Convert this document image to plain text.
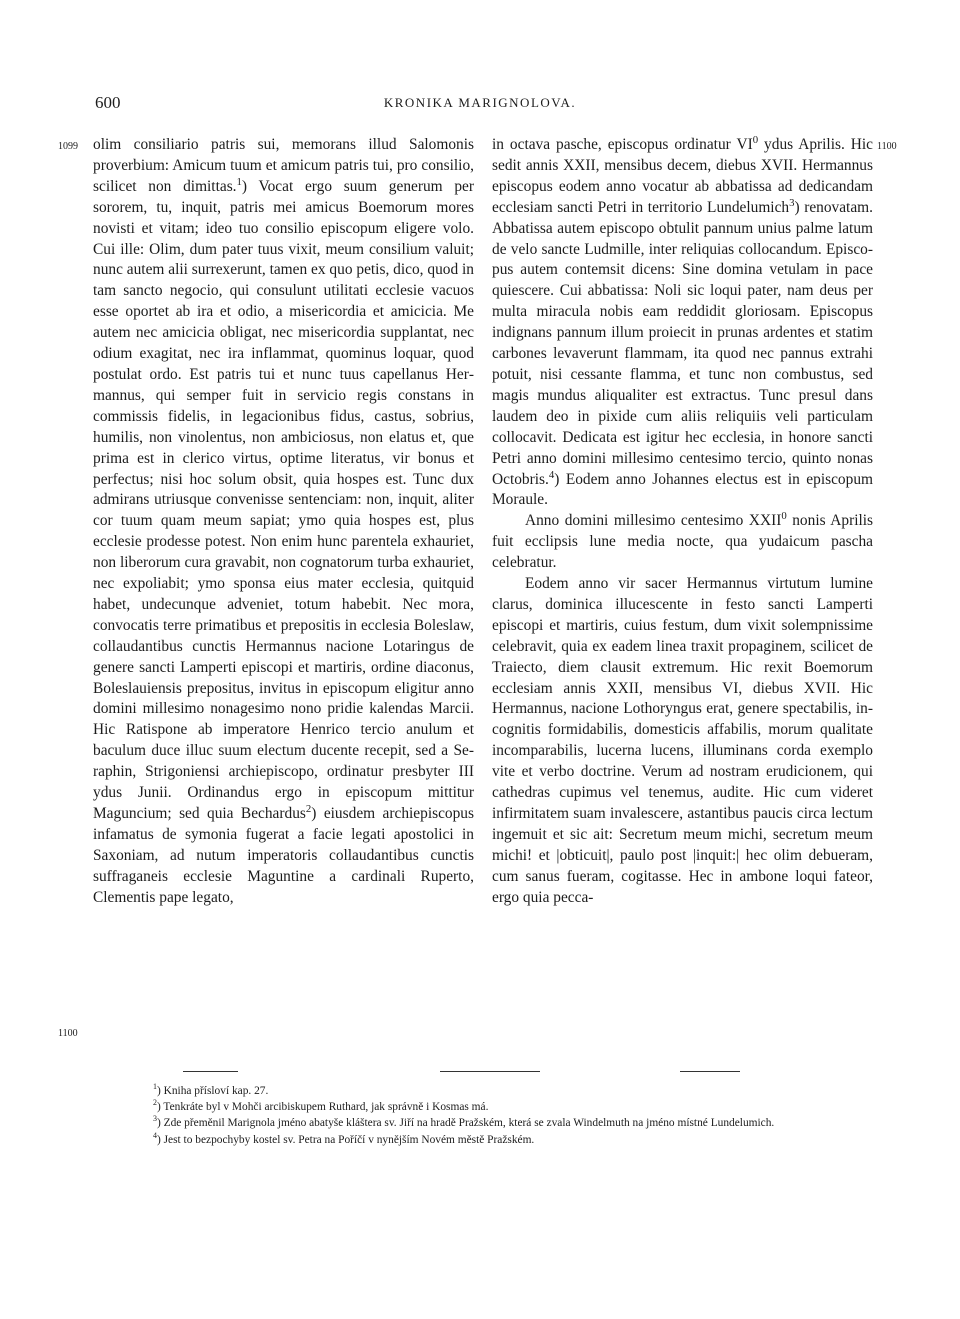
600	KRONIKA MARIGNOLOVA.
1099
1100
1100

olim consiliario patris sui, memorans illud Salomonis proverbium: Amicum tuum et amicum patris tui, pro consilio, scilicet non dimittas.$^1$) Vocat ergo suum generum per sororem, tu, inquit, patris mei amicus Boemorum mores novisti et vitam; ideo tuo consilio episcopum eligere volo. Cui ille: Olim, dum pater tuus vixit, meum consilium valuit; nunc autem alii surrexerunt, tamen ex quo petis, dico, quod in tam sancto negocio, qui consulunt utilitati ecclesie vacuos esse oportet ab ira et odio, a misericordia et amicicia. Me autem nec amicicia obligat, nec misericordia supplantat, nec odium exagitat, nec ira inflammat, quominus loquar, quod postulat ordo. Est patris tui et nunc tuus capellanus Hermannus, qui semper fuit in servicio regis constans in commissis fidelis, in legacionibus fidus, castus, sobrius, humilis, non vinolentus, non ambiciosus, non elatus et, que prima est in clerico virtus, optime literatus, vir bonus et perfectus; nisi hoc solum obsit, quia hospes est. Tunc dux admirans utriusque convenisse sentenciam: non, inquit, aliter cor tuum quam meum sapiat; ymo quia hospes est, plus ecclesie prodesse potest. Non enim hunc parentela exhauriet, non liberorum cura gravabit, non cognatorum turba exhauriet, nec expoliabit; ymo sponsa eius mater ecclesia, quitquid habet, undecunque adveniet, totum habebit. Nec mora, convocatis terre primatibus et prepositis in ecclesia Boleslaw, collaudantibus cunctis Hermannus nacione Lotaringus de genere sancti Lamperti episcopi et martiris, ordine diaconus, Boleslauiensis prepositus, invitus in episcopum eligitur anno domini millesimo nonagesimo nono pridie kalendas Marcii. Hic Ratispone ab imperatore Henrico tercio anulum et baculum duce illuc suum electum ducente recepit, sed a Seraphin, Strigoniensi archiepiscopo, ordinatur presbyter III ydus Junii. Ordinandus ergo in episcopum mittitur Maguncium; sed quia Bechardus$^2$) eiusdem archiepiscopus infamatus de symonia fugerat a facie legati apostolici in Saxoniam, ad nutum imperatoris collaudantibus cunctis suffraganeis ecclesie Maguntine a cardinali Ruperto, Clementis pape legato,

in octava pasche, episcopus ordinatur $VI^0$ ydus Aprilis. Hic sedit annis XXII, mensibus decem, diebus XVII. Hermannus episcopus eodem anno vocatur ab abbatissa ad dedicandam ecclesiam sancti Petri in territorio Lundelumich$^3$) renovatam. Abbatissa autem episcopo obtulit pannum unius palme latum de velo sancte Ludmille, inter reliquias collocandum. Episcopus autem contemsit dicens: Sine domina vetulam in pace quiescere. Cui abbatissa: Noli sic loqui pater, nam deus per multa miracula nobis eam reddidit gloriosam. Episcopus indignans pannum illum proiecit in prunas ardentes et statim carbones levaverunt flammam, ita quod nec pannus extrahi potuit, nisi cessante flamma, et tunc non combustus, sed magis mundus aliqualiter est extractus. Tunc presul dans laudem deo in pixide cum aliis reliquiis veli particulam collocavit. Dedicata est igitur hec ecclesia, in honore sancti Petri anno domini millesimo centesimo tercio, quinto nonas Octobris.$^4$) Eodem anno Johannes electus est in episcopum Moraule.

Anno domini millesimo centesimo XXII$^0$ nonis Aprilis fuit ecclipsis lune media nocte, qua yudaicum pascha celebratur.

Eodem anno vir sacer Hermannus virtutum lumine clarus, dominica illucescente in festo sancti Lamperti episcopi et martiris, cuius festum, dum vixit solempnissime celebravit, quia ex eadem linea traxit propaginem, scilicet de Traiecto, diem clausit extremum. Hic rexit Boemorum ecclesiam annis XXII, mensibus VI, diebus XVII. Hic Hermannus, nacione Lothoryngus erat, genere spectabilis, incognitis formidabilis, domesticis affabilis, morum qualitate incomparabilis, lucerna lucens, illuminans corda exemplo vite et verbo doctrine. Verum ad nostram erudicionem, qui cathedras cupimus vel tenemus, audite. Hic cum videret infirmitatem suam invalescere, astantibus paucis circa lectum ingemuit et sic ait: Secretum meum michi, secretum meum michi! et |obticuit|, paulo post |inquit:| hec olim debueram, cum sanus fueram, cogitasse. Hec in ambone loqui fateor, ergo quia pecca-

$^1$) Kniha přísloví kap. 27.

$^2$) Tenkráte byl v Mohči arcibiskupem Ruthard, jak správně i Kosmas má.

$^3$) Zde přeměnil Marignola jméno abatyše kláštera sv. Jiří na hradě Pražském, která se zvala Windelmuth na jméno místné Lundelumich.

$^4$) Jest to bezpochyby kostel sv. Petra na Poříčí v nynějším Novém městě Pražském.
